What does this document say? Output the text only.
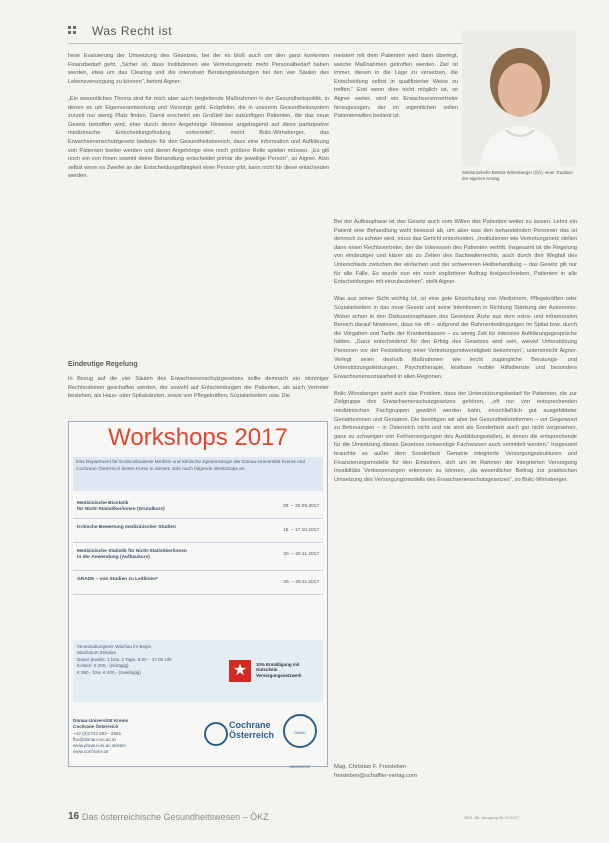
Was Recht ist
Sektionschefin Bettina Wirtenberger (ÖÄ): einer Tradition der eigenen Antrag.
hese Evaluierung der Umsetzung des Gesetzes, bei der es bloß auch um den ganz konkreten Finanzbedarf geht. „Sicher ist, dass Institutionen wie Vertretungsnetz mehr Personalbedarf haben werden, etwa um das Clearing und die intensiven Beratungsleistungen bei den vier Säulen des Lebensversorgung zu können“, betont Aigner.

„Ein wesentliches Thema sind für mich aber auch begleitende Maßnahmen in der Gesundheitspolitik, in denen es um Eigenverantwortung und Vorsorge geht. Eckpfeiler, die in unserem Gesundheitssystem zurzeit nur wenig Platz finden. Damit erscheint ein Großteil bei zukünftigen Patienten, die das neue Gesetz betroffen wird, eher durch deren Angehörige Hinweise angetragend auf diese partizipative medizinische Entscheidungsfindung vorbereitet“, meint Bolic-Wirnsberger, das Erwachsenenschutzgesetz bedeute für den Gesundheitsbereich, dass eine Information und Aufklärung von Patienten breiter werden und deren Angehörige eine noch größere Rolle spielen müssen. „Es gilt noch ein von Ihnen sowohl deine Behandlung entscheidet primär die jeweilige Person“, so Aigner. Also selbst wenn es Zweifel an der Entscheidungsfähigkeit einer Person gibt, kann nicht für diese entschieden werden.
Eindeutige Regelung
In Bezug auf die vier Säulen des Erwachsenenschutzgesetzes sollte demnach ein stimmiger Rechtsrahmen geschaffen werden, der sowohl auf Entscheidungen der Patienten, als auch Vertreter bestehen, als Haus- oder Spitalsärzten, sowie von Pflegekräften, Sozialarbeitern usw. Die
meistert mit dem Patienten wird dann überlegt, welche Maßnahmen getroffen werden. Ziel ist immer, diesen in die Lage zu versetzen, die Entscheidung selbst in qualifizierter Weise zu treffen.“ Erst wenn dies nicht möglich ist, so Aigner weiter, wird ein Erwachsenenvertreter hinzugezogen, der im eigentlichen vollen Patientenwillen bedient ist.
Bei der Aufbauphase ist das Gesetz auch vom Willen des Patienten weiter zu lassen. Lehnt ein Patient eine Behandlung wohl bewusst ab, um aber was den behandelnden Personen das ist dennoch zu schwer wird, muss das Gericht entscheiden. „Institutionen wie Vertretungsnetz stellen dann einen Rechtsvertreter, der die Interessen des Patienten vertritt. Insgesamt ist die Regelung von eindeutiger und klarer als zu Zeiten des Sachwalterrechts, auch durch den Wegfall des Unterschieds zwischen der einfachen und der schwereren Heilbehandlung – das Gesetz gilt nur für alle Fälle. Es wurde nun ein noch expliziterer Auftrag festgeschrieben, Patienten in alle Entscheidungen mit einzubeziehen“, stellt Aigner.

Was aus seiner Sicht wichtig ist, ist eine gute Einschulung von Medizinern, Pflegekräften oder Sozialarbeitern in das neue Gesetz und seine Intentionen in Richtung Stärkung der Autonomie. Wobei schon in den Diskussionsphasen des Gesetzes Ärzte aus dem extra- und intramuralen Bereich darauf hinwiesen, dass sie oft – aufgrund der Rahmenbedingungen im Spital bzw. durch die Vorgaben und Tarife der Krankenkassen – zu wenig Zeit für intensive Aufklärungsgespräche hätten. „Ganz entscheidend für den Erfolg des Gesetzes wird sein, wieviel Unterstützung Personen vor der Feststellung einer Vertretungsnotwendigkeit bekommen“, unterstreicht Aigner. Verlegt seien deshalb Maßnahmen wie leicht zugängliche Beratungs- und Unterstützungsleistungen, Psychotherapie, leistbare mobile Hilfsdienste und besonders Erwachsenensozialarbeit in allen Regionen.

Bolic-Wirnsberger sieht auch das Problem, dass der Unterstützungsbedarf für Patienten, die zur Zielgruppe des Erwachsenenschutzgesetzes gehören, „oft nur von entsprechenden medizinischen Fachgruppen gewährt werden kann, einschließlich gut ausgebildeter Geriatrierinnen und Geriatern. Die benötigen wir aber bei Gesundheitsreformen – vor Gegenwart zu Betreuungen – in Österreich nicht und nie sind als Sonderfach auch gar nicht vorgesehen, ganz zu schweigen von Fehlversorgungen des Ausbildungsstellen, in denen die entsprechende für die Umsetzung dieses Gesetzes notwendige Fachwissen auch vermittelt werden.“ Insgesamt brauchte es außer dem Sonderfach Geriatrie integrierte Versorgungsstrukturen und Finanzierungsmodelle für den Einzelnen, sich um im Rahmen der integrierten Versorgung Invaliditäts Verbesserungen erkennen zu können, „da wesentlicher Beitrag zur praktischen Umsetzung des Versorgungsmodells des Erwachsenenschutzgesetzes“, so Bolic-Wirnsberger.
Workshops 2017
Das Department für Evidenzbasierte Medizin und Klinische Epidemiologie der Donau-Universität Krems und Cochrane Österreich bieten Kurse in diesem Jahr nach folgende Workshops an:
Medizinische Biostatik
für Nicht-Statistiker/innen (Grundkurs)
20. – 20.09.2017
Kritische Bewertung medizinischer Studien
16. – 17.10.2017
Medizinische Statistik für Nicht-Statistiker/innen
in der Anwendung (Aufbaukurs)
20. – 20.11.2017
GRADE – von Studien zu Leitlinien*
26. – 28.11.2017
Veranstaltungsort: Wachau im Begin
Wachstum Zeitplan
Dauer jeweils: 1 bzw. 2 Tage, 9.00 – 17.00 Uhr
Kosten: € 200,- (eintägig)
€ 390,- bzw. € 400,- (zweitägig)	★	10% Ermäßigung mit Gutschein Versorgungsnetzwerk

Donau-Universität Krems
Cochrane Österreich

+43 (0)2732 893 - 2981
fbu@donau-uni.ac.at
www.donau-uni.ac.at/ebm
www.cochrane.at

Cochrane
Österreich	DONAU UNIVERSITÄT	Mag. Christian F. Freisleben
freisleben@schaffler-verlag.com
16 Das österreichische Gesundheitswesen – ÖKZ	ÖKZ, 58. Jahrgang 06-07/2017
